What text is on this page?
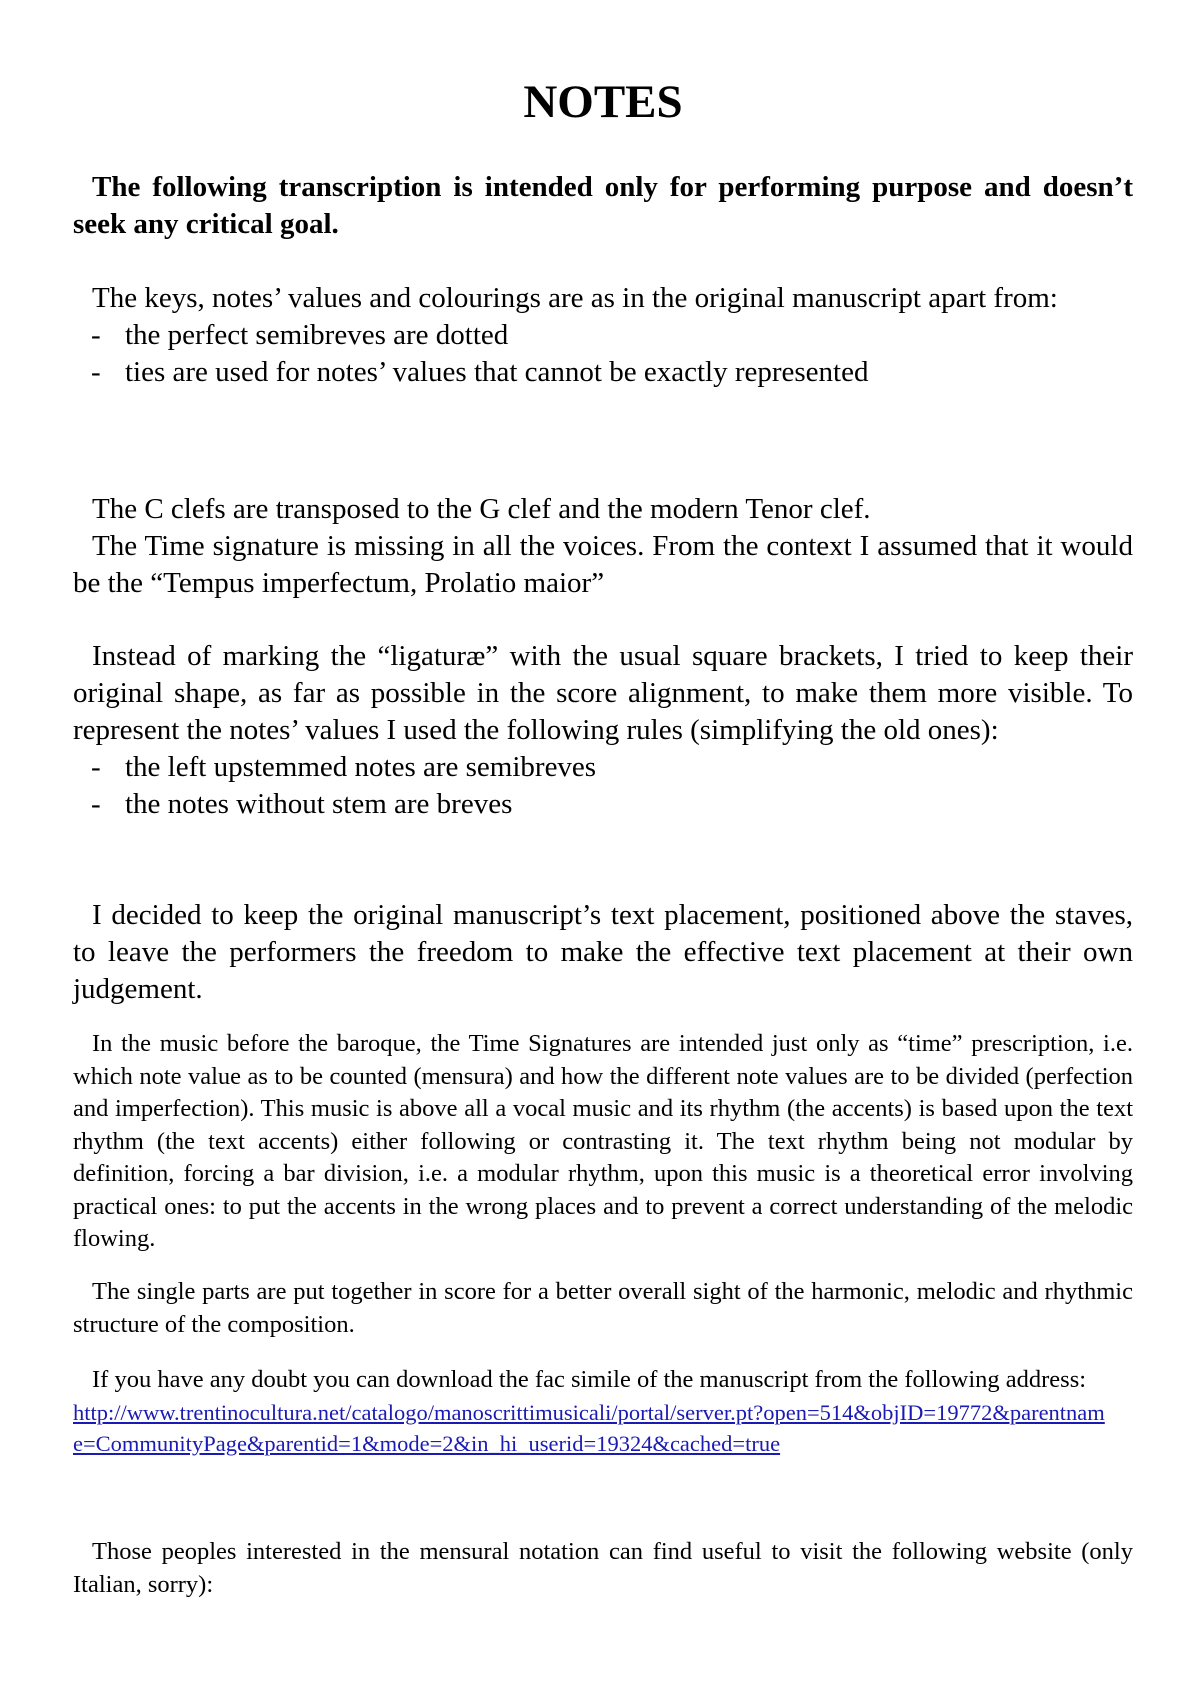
NOTES

The following transcription is intended only for performing purpose and doesn’t seek any critical goal.

The keys, notes’ values and colourings are as in the original manuscript apart from:

- the perfect semibreves are dotted
- ties are used for notes’ values that cannot be exactly represented

The C clefs are transposed to the G clef and the modern Tenor clef.

The Time signature is missing in all the voices. From the context I assumed that it would be the “Tempus imperfectum, Prolatio maior”

Instead of marking the “ligaturæ” with the usual square brackets, I tried to keep their original shape, as far as possible in the score alignment, to make them more visible. To represent the notes’ values I used the following rules (simplifying the old ones):

- the left upstemmed notes are semibreves
- the notes without stem are breves

I decided to keep the original manuscript’s text placement, positioned above the staves, to leave the performers the freedom to make the effective text placement at their own judgement.

In the music before the baroque, the Time Signatures are intended just only as “time” prescription, i.e. which note value as to be counted (mensura) and how the different note values are to be divided (perfection and imperfection). This music is above all a vocal music and its rhythm (the accents) is based upon the text rhythm (the text accents) either following or contrasting it. The text rhythm being not modular by definition, forcing a bar division, i.e. a modular rhythm, upon this music is a theoretical error involving practical ones: to put the accents in the wrong places and to prevent a correct understanding of the melodic flowing.

The single parts are put together in score for a better overall sight of the harmonic, melodic and rhythmic structure of the composition.

If you have any doubt you can download the fac simile of the manuscript from the following address:

http://www.trentinocultura.net/catalogo/manoscrittimusicali/portal/server.pt?open=514&objID=19772&parentname=CommunityPage&parentid=1&mode=2&in_hi_userid=19324&cached=true

Those peoples interested in the mensural notation can find useful to visit the following website (only Italian, sorry):
